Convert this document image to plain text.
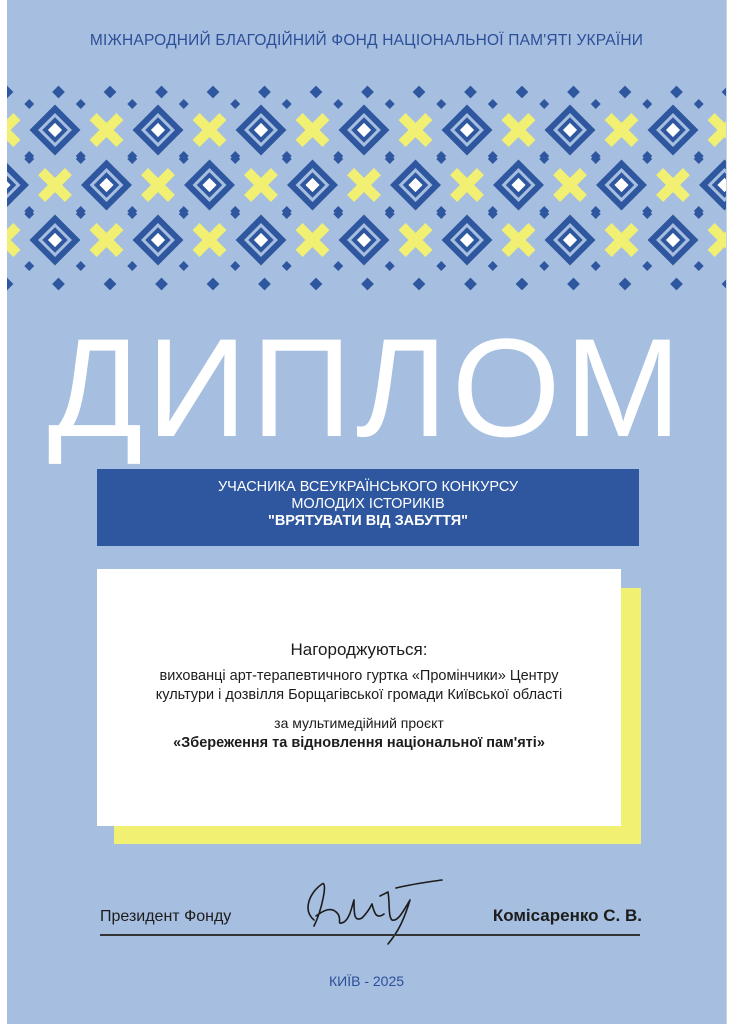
МІЖНАРОДНИЙ БЛАГОДІЙНИЙ ФОНД НАЦІОНАЛЬНОЇ ПАМ'ЯТІ УКРАЇНИ
ДИПЛОМ
УЧАСНИКА ВСЕУКРАЇНСЬКОГО КОНКУРСУ
МОЛОДИХ ІСТОРИКІВ
"ВРЯТУВАТИ ВІД ЗАБУТТЯ"
Нагороджуються:
вихованці арт-терапевтичного гуртка «Промінчики» Центру
культури і дозвілля Борщагівської громади Київської області
за мультимедійний проєкт
«Збереження та відновлення національної пам'яті»
Президент Фонду	Комісаренко С. В.
КИЇВ - 2025
